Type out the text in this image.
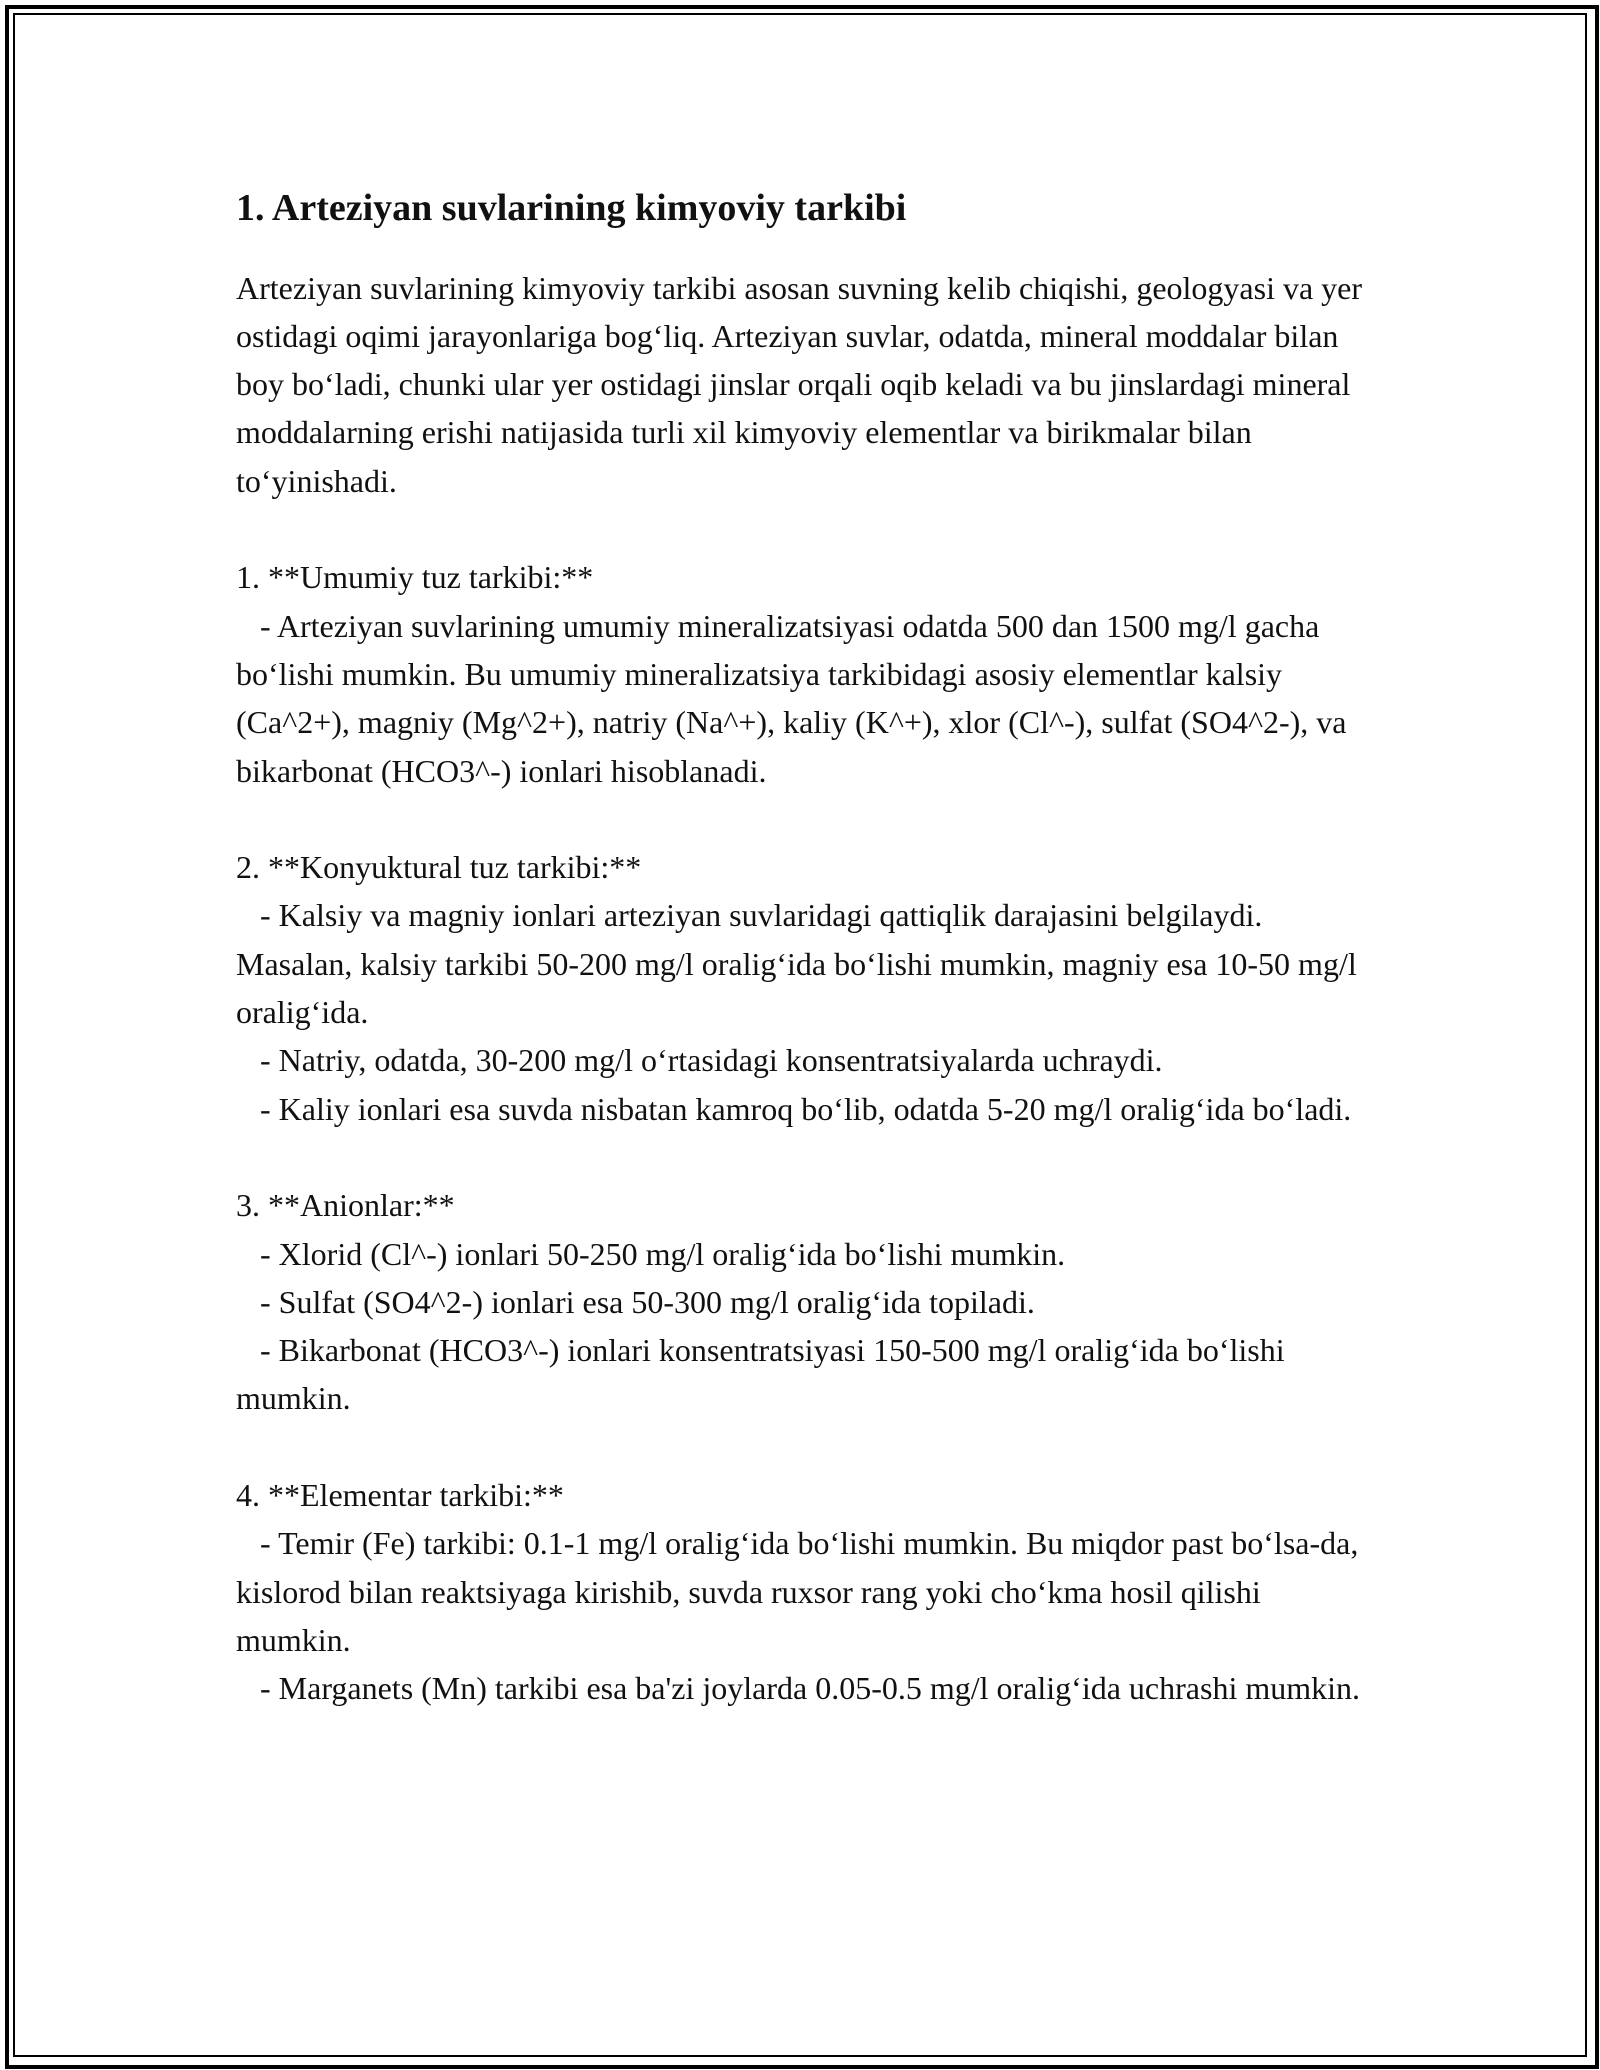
1. Arteziyan suvlarining kimyoviy tarkibi

Arteziyan suvlarining kimyoviy tarkibi asosan suvning kelib chiqishi, geologyasi va yer ostidagi oqimi jarayonlariga bog‘liq. Arteziyan suvlar, odatda, mineral moddalar bilan boy bo‘ladi, chunki ular yer ostidagi jinslar orqali oqib keladi va bu jinslardagi mineral moddalarning erishi natijasida turli xil kimyoviy elementlar va birikmalar bilan to‘yinishadi.

1. **Umumiy tuz tarkibi:**
- Arteziyan suvlarining umumiy mineralizatsiyasi odatda 500 dan 1500 mg/l gacha bo‘lishi mumkin. Bu umumiy mineralizatsiya tarkibidagi asosiy elementlar kalsiy (Ca^2+), magniy (Mg^2+), natriy (Na^+), kaliy (K^+), xlor (Cl^-), sulfat (SO4^2-), va bikarbonat (HCO3^-) ionlari hisoblanadi.

2. **Konyuktural tuz tarkibi:**
- Kalsiy va magniy ionlari arteziyan suvlaridagi qattiqlik darajasini belgilaydi. Masalan, kalsiy tarkibi 50-200 mg/l oralig‘ida bo‘lishi mumkin, magniy esa 10-50 mg/l oralig‘ida.
- Natriy, odatda, 30-200 mg/l o‘rtasidagi konsentratsiyalarda uchraydi.
- Kaliy ionlari esa suvda nisbatan kamroq bo‘lib, odatda 5-20 mg/l oralig‘ida bo‘ladi.

3. **Anionlar:**
- Xlorid (Cl^-) ionlari 50-250 mg/l oralig‘ida bo‘lishi mumkin.
- Sulfat (SO4^2-) ionlari esa 50-300 mg/l oralig‘ida topiladi.
- Bikarbonat (HCO3^-) ionlari konsentratsiyasi 150-500 mg/l oralig‘ida bo‘lishi mumkin.

4. **Elementar tarkibi:**
- Temir (Fe) tarkibi: 0.1-1 mg/l oralig‘ida bo‘lishi mumkin. Bu miqdor past bo‘lsa-da, kislorod bilan reaktsiyaga kirishib, suvda ruxsor rang yoki cho‘kma hosil qilishi mumkin.
- Marganets (Mn) tarkibi esa ba'zi joylarda 0.05-0.5 mg/l oralig‘ida uchrashi mumkin.
